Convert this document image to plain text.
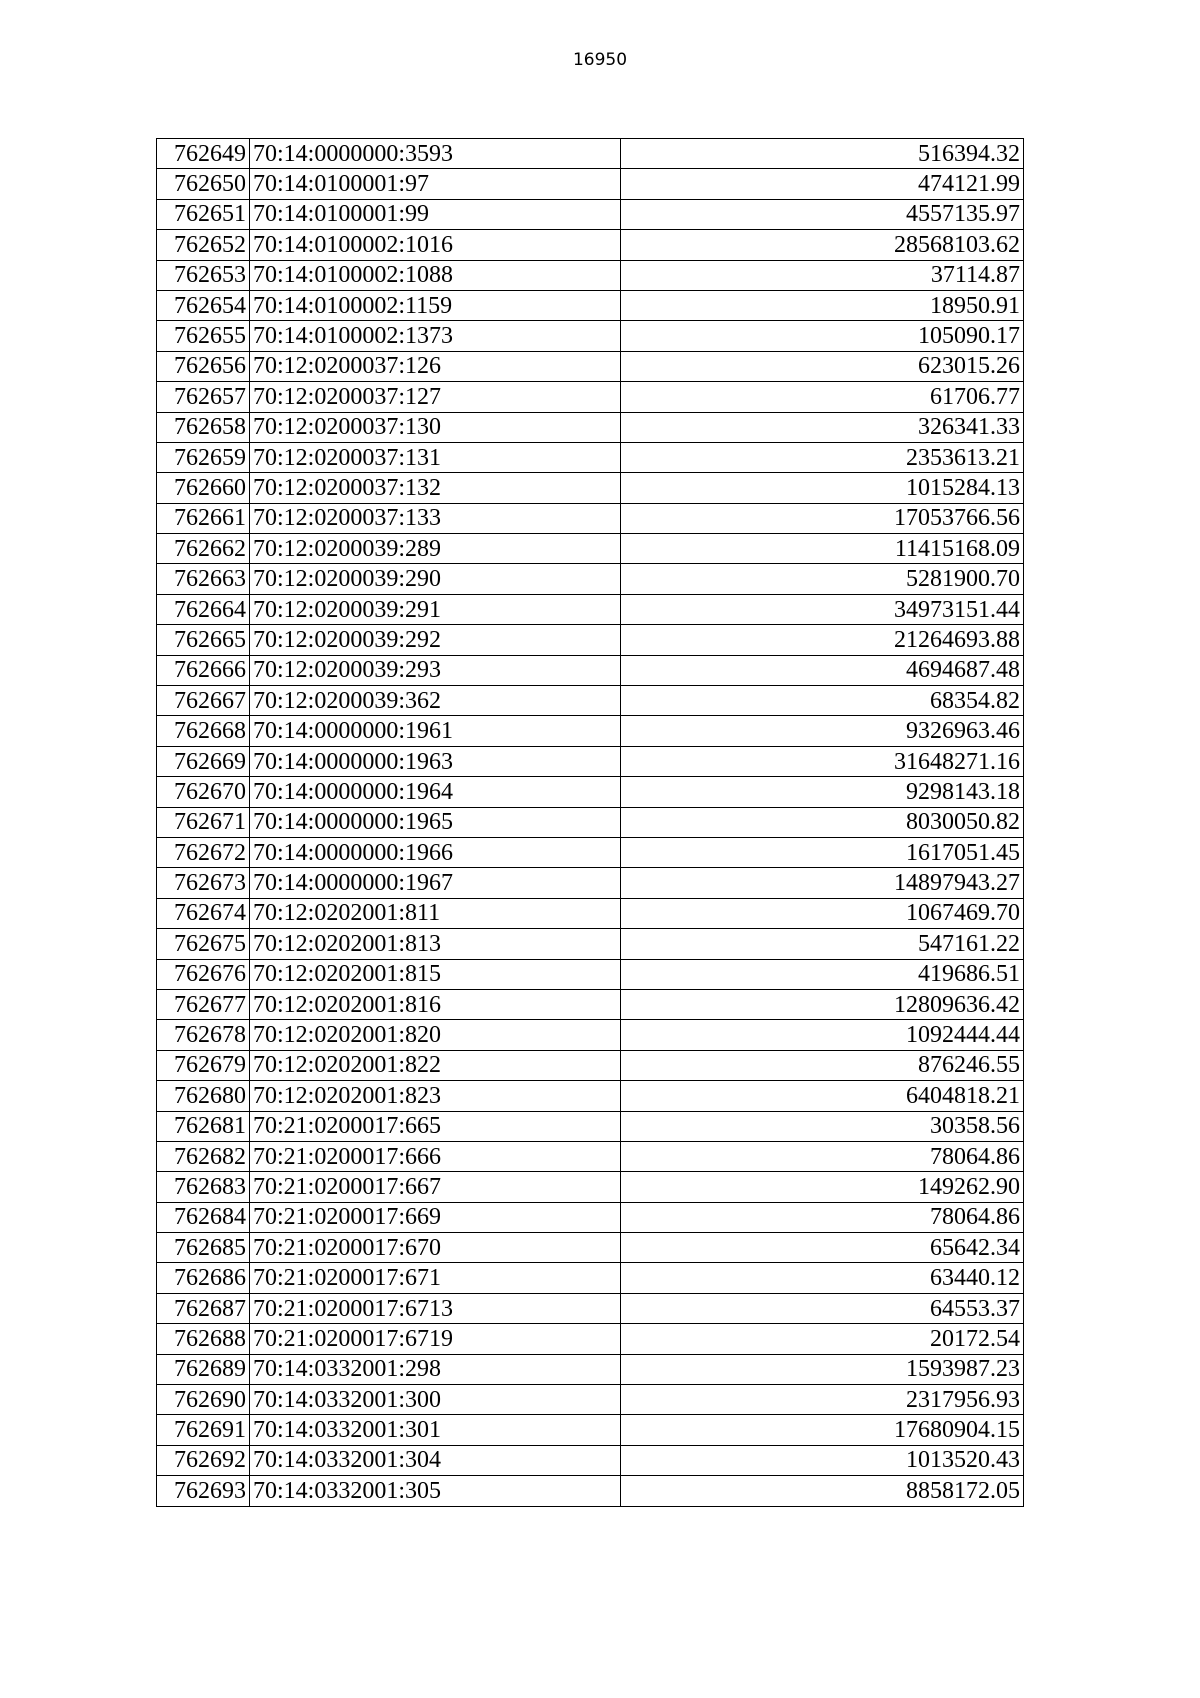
16950
762649	70:14:0000000:3593	516394.32
762650	70:14:0100001:97	474121.99
762651	70:14:0100001:99	4557135.97
762652	70:14:0100002:1016	28568103.62
762653	70:14:0100002:1088	37114.87
762654	70:14:0100002:1159	18950.91
762655	70:14:0100002:1373	105090.17
762656	70:12:0200037:126	623015.26
762657	70:12:0200037:127	61706.77
762658	70:12:0200037:130	326341.33
762659	70:12:0200037:131	2353613.21
762660	70:12:0200037:132	1015284.13
762661	70:12:0200037:133	17053766.56
762662	70:12:0200039:289	11415168.09
762663	70:12:0200039:290	5281900.70
762664	70:12:0200039:291	34973151.44
762665	70:12:0200039:292	21264693.88
762666	70:12:0200039:293	4694687.48
762667	70:12:0200039:362	68354.82
762668	70:14:0000000:1961	9326963.46
762669	70:14:0000000:1963	31648271.16
762670	70:14:0000000:1964	9298143.18
762671	70:14:0000000:1965	8030050.82
762672	70:14:0000000:1966	1617051.45
762673	70:14:0000000:1967	14897943.27
762674	70:12:0202001:811	1067469.70
762675	70:12:0202001:813	547161.22
762676	70:12:0202001:815	419686.51
762677	70:12:0202001:816	12809636.42
762678	70:12:0202001:820	1092444.44
762679	70:12:0202001:822	876246.55
762680	70:12:0202001:823	6404818.21
762681	70:21:0200017:665	30358.56
762682	70:21:0200017:666	78064.86
762683	70:21:0200017:667	149262.90
762684	70:21:0200017:669	78064.86
762685	70:21:0200017:670	65642.34
762686	70:21:0200017:671	63440.12
762687	70:21:0200017:6713	64553.37
762688	70:21:0200017:6719	20172.54
762689	70:14:0332001:298	1593987.23
762690	70:14:0332001:300	2317956.93
762691	70:14:0332001:301	17680904.15
762692	70:14:0332001:304	1013520.43
762693	70:14:0332001:305	8858172.05
